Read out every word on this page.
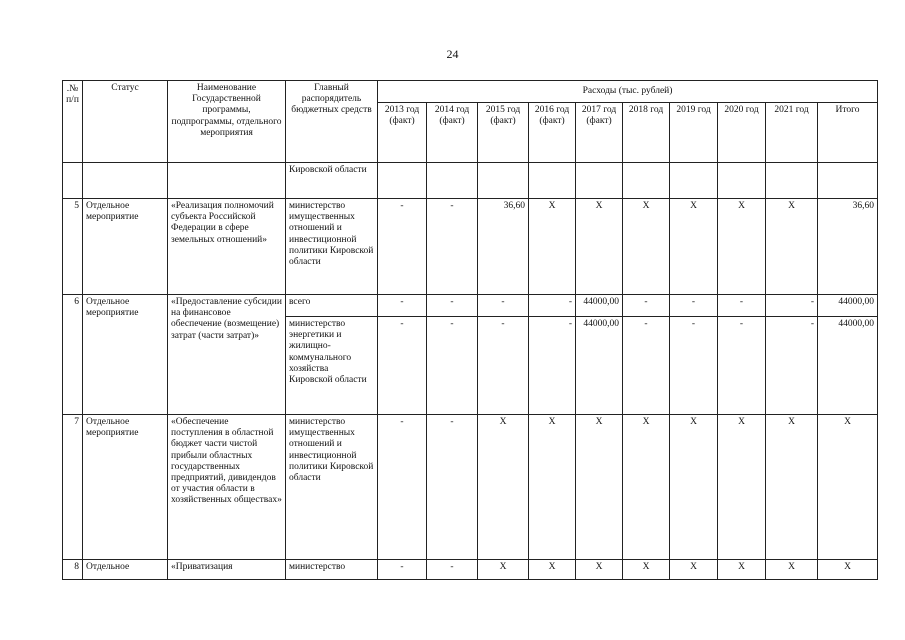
24
.№
п/п	Статус	Наименование Государственной программы, подпрограммы, отдельного мероприятия	Главный распорядитель бюджетных средств	Расходы (тыс. рублей)									
				2013 год (факт)	2014 год (факт)	2015 год (факт)	2016 год (факт)	2017 год (факт)	2018 год	2019 год	2020 год	2021 год	Итого
			Кировской области										
5	Отдельное мероприятие	«Реализация полномочий субъекта Российской Федерации в сфере земельных отношений»	министерство имущественных отношений и инвестиционной политики Кировской области	-	-	36,60	X	X	X	X	X	X	36,60
6	Отдельное мероприятие	«Предоставление субсидии на финансовое обеспечение (возмещение) затрат (части затрат)»	всего	-	-	-	-	44000,00	-	-	-	-	44000,00
			министерство энергетики и жилищно-коммунального хозяйства Кировской области	-	-	-	-	44000,00	-	-	-	-	44000,00
7	Отдельное мероприятие	«Обеспечение поступления в областной бюджет части чистой прибыли областных государственных предприятий, дивидендов от участия области в хозяйственных обществах»	министерство имущественных отношений и инвестиционной политики Кировской области	-	-	X	X	X	X	X	X	X	X
8	Отдельное	«Приватизация	министерство	-	-	X	X	X	X	X	X	X	X
